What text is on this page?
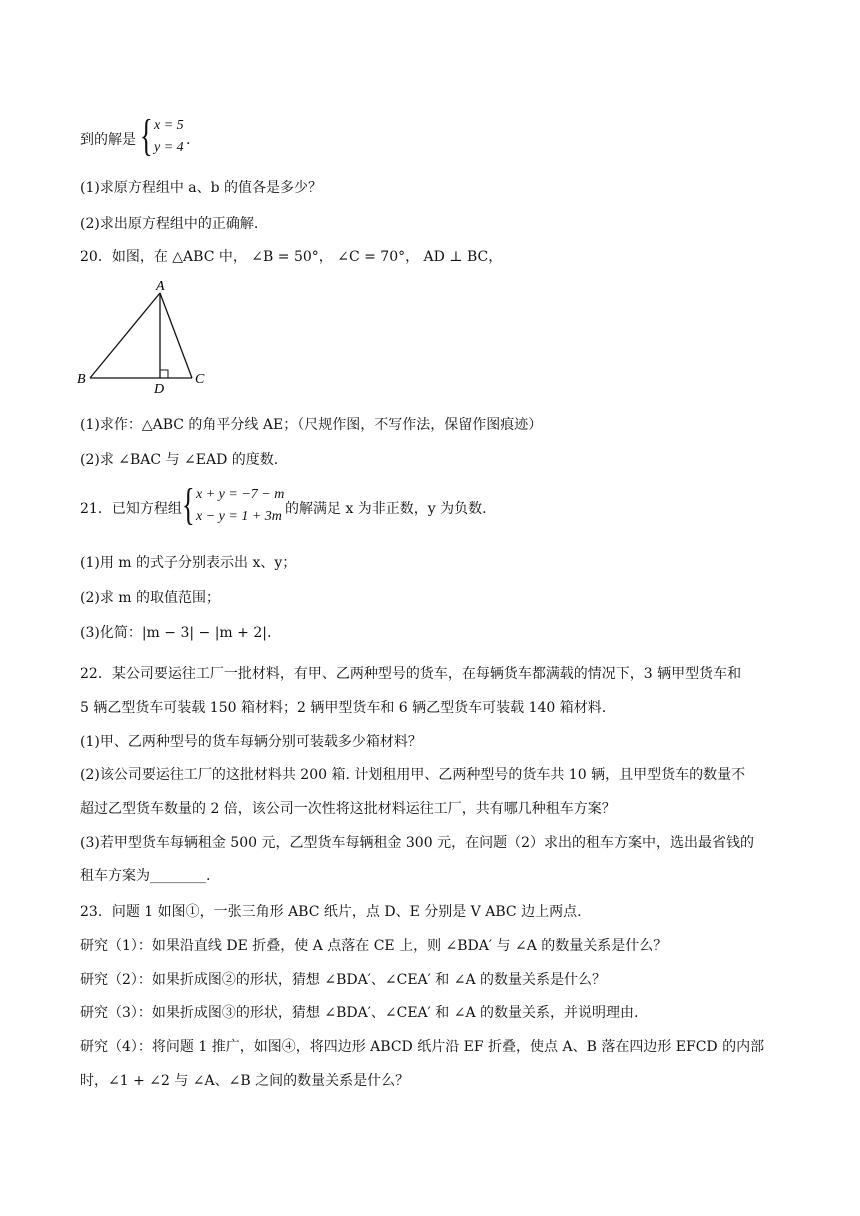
到的解是 { x = 5
y = 4 .
(1)求原方程组中 a、b 的值各是多少？
(2)求出原方程组中的正确解.
20．如图，在 △ABC 中， ∠B = 50°， ∠C = 70°， AD ⊥ BC，
A
B	C
D
(1)求作：△ABC 的角平分线 AE；（尺规作图，不写作法，保留作图痕迹）
(2)求 ∠BAC 与 ∠EAD 的度数.
21．已知方程组 { x + y = −7 − m
x − y = 1 + 3m 的解满足 x 为非正数，y 为负数.
(1)用 m 的式子分别表示出 x、y；
(2)求 m 的取值范围；
(3)化简：|m − 3| − |m + 2|.
22．某公司要运往工厂一批材料，有甲、乙两种型号的货车，在每辆货车都满载的情况下，3 辆甲型货车和
5 辆乙型货车可装载 150 箱材料；2 辆甲型货车和 6 辆乙型货车可装载 140 箱材料.
(1)甲、乙两种型号的货车每辆分别可装载多少箱材料？
(2)该公司要运往工厂的这批材料共 200 箱. 计划租用甲、乙两种型号的货车共 10 辆，且甲型货车的数量不
超过乙型货车数量的 2 倍，该公司一次性将这批材料运往工厂，共有哪几种租车方案？
(3)若甲型货车每辆租金 500 元，乙型货车每辆租金 300 元，在问题（2）求出的租车方案中，选出最省钱的
租车方案为________.
23．问题 1 如图①，一张三角形 ABC 纸片，点 D、E 分别是 V ABC 边上两点.
研究（1）：如果沿直线 DE 折叠，使 A 点落在 CE 上，则 ∠BDA′ 与 ∠A 的数量关系是什么？
研究（2）：如果折成图②的形状，猜想 ∠BDA′、∠CEA′ 和 ∠A 的数量关系是什么？
研究（3）：如果折成图③的形状，猜想 ∠BDA′、∠CEA′ 和 ∠A 的数量关系，并说明理由.
研究（4）：将问题 1 推广，如图④，将四边形 ABCD 纸片沿 EF 折叠，使点 A、B 落在四边形 EFCD 的内部
时，∠1 + ∠2 与 ∠A、∠B 之间的数量关系是什么？
